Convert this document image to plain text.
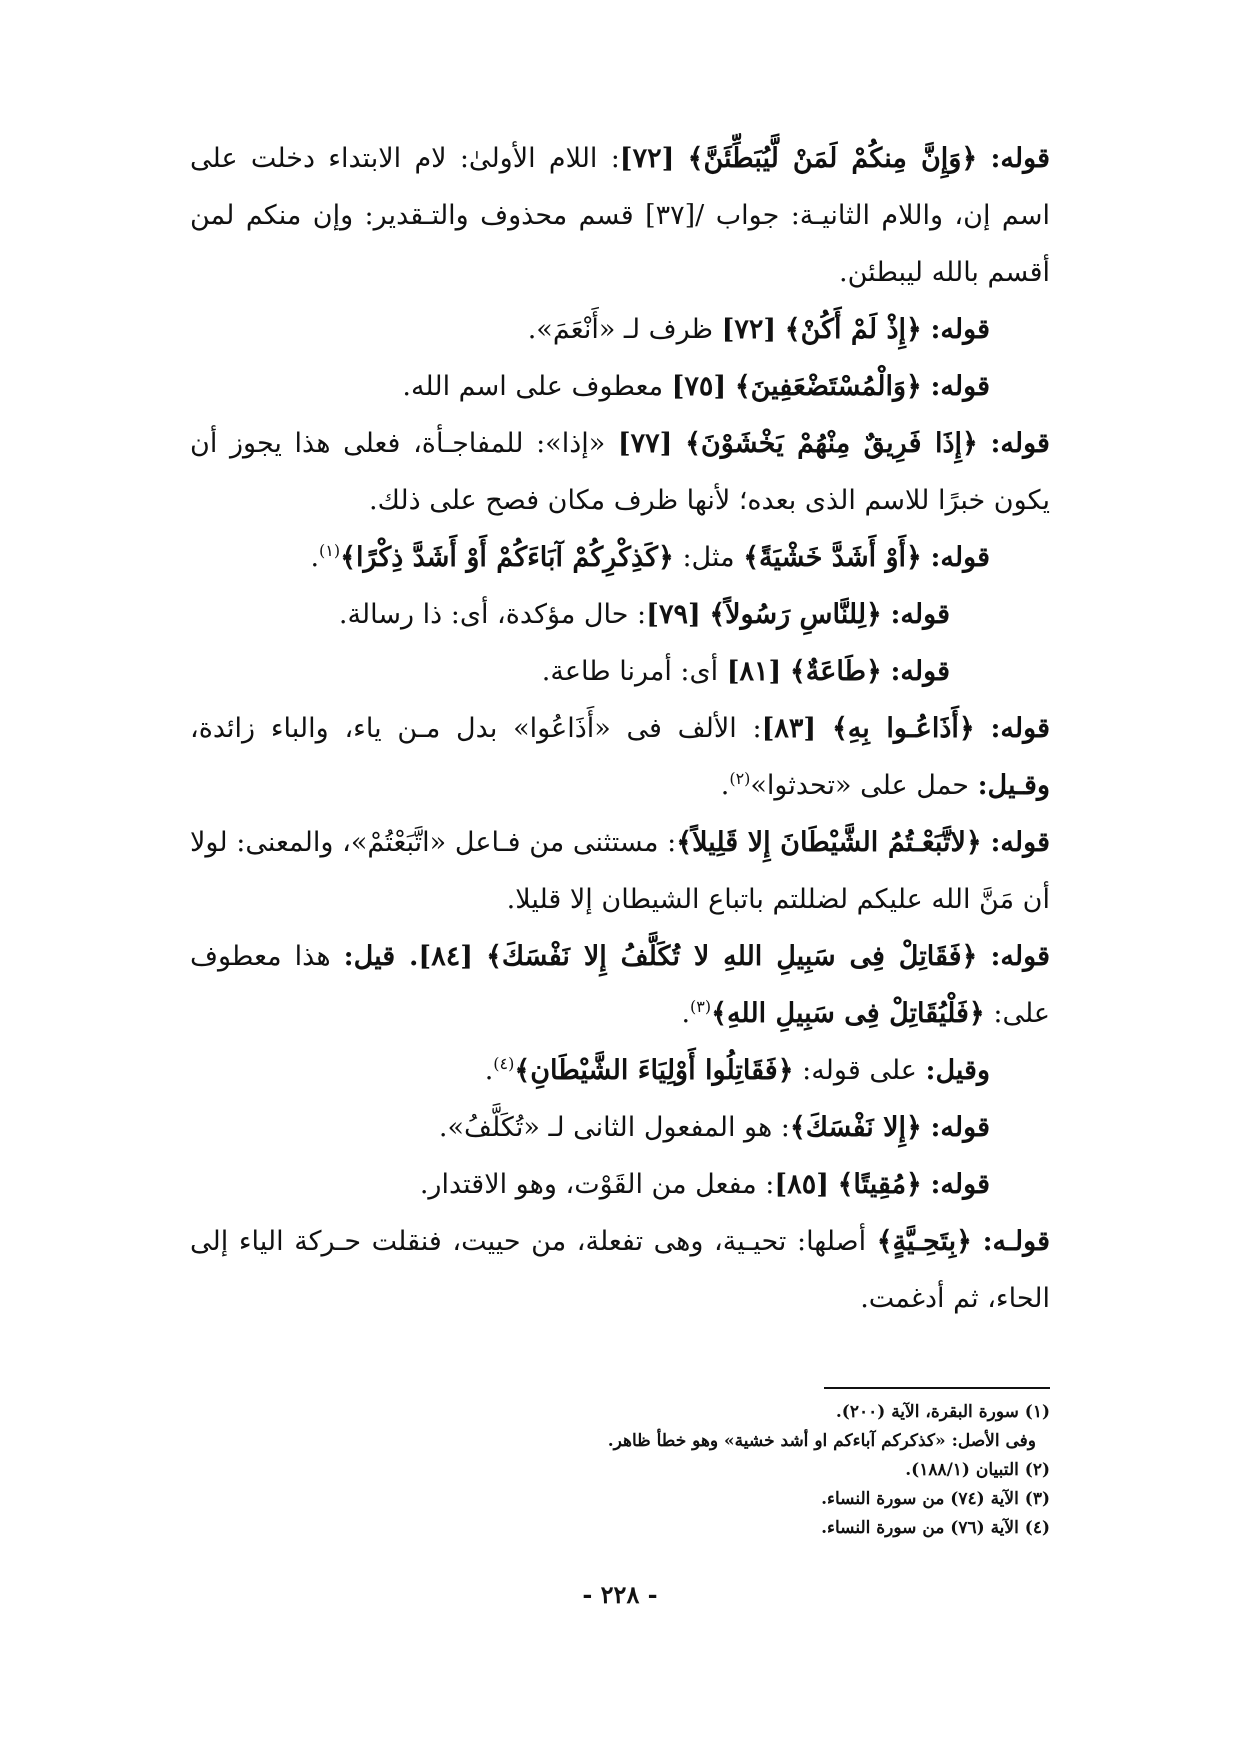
قوله: ﴿وَإِنَّ مِنكُمْ لَمَنْ لَّيُبَطِّئَنَّ﴾ [٧٢]: اللام الأولىٰ: لام الابتداء دخلت على اسم إن، واللام الثانيـة: جواب /[٣٧] قسم محذوف والتـقدير: وإن منكم لمن أقسم بالله ليبطئن.

قوله: ﴿إِذْ لَمْ أَكُنْ﴾ [٧٢] ظرف لـ «أَنْعَمَ».

قوله: ﴿وَالْمُسْتَضْعَفِينَ﴾ [٧٥] معطوف على اسم الله.

قوله: ﴿إِذَا فَرِيقٌ مِنْهُمْ يَخْشَوْنَ﴾ [٧٧] «إذا»: للمفاجـأة، فعلى هذا يجوز أن يكون خبرًا للاسم الذى بعده؛ لأنها ظرف مكان فصح على ذلك.

قوله: ﴿أَوْ أَشَدَّ خَشْيَةً﴾ مثل: ﴿كَذِكْرِكُمْ آبَاءَكُمْ أَوْ أَشَدَّ ذِكْرًا﴾$^{(١)}$.

قوله: ﴿لِلنَّاسِ رَسُولاً﴾ [٧٩]: حال مؤكدة، أى: ذا رسالة.

قوله: ﴿طَاعَةٌ﴾ [٨١] أى: أمرنا طاعة.

قوله: ﴿أَذَاعُـوا بِهِ﴾ [٨٣]: الألف فى «أَذَاعُوا» بدل مـن ياء، والباء زائدة، وقـيل: حمل على «تحدثوا»$^{(٢)}$.

قوله: ﴿لاتَّبَعْـتُمُ الشَّيْطَانَ إِلا قَلِيلاً﴾: مستثنى من فـاعل «اتَّبَعْتُمْ»، والمعنى: لولا أن مَنَّ الله عليكم لضللتم باتباع الشيطان إلا قليلا.

قوله: ﴿فَقَاتِلْ فِى سَبِيلِ اللهِ لا تُكَلَّفُ إِلا نَفْسَكَ﴾ [٨٤]. قيل: هذا معطوف على: ﴿فَلْيُقَاتِلْ فِى سَبِيلِ اللهِ﴾$^{(٣)}$.

وقيل: على قوله: ﴿فَقَاتِلُوا أَوْلِيَاءَ الشَّيْطَانِ﴾$^{(٤)}$.

قوله: ﴿إِلا نَفْسَكَ﴾: هو المفعول الثانى لـ «تُكَلَّفُ».

قوله: ﴿مُقِيتًا﴾ [٨٥]: مفعل من القَوْت، وهو الاقتدار.

قولـه: ﴿بِتَحِـيَّةٍ﴾ أصلها: تحيـية، وهى تفعلة، من حييت، فنقلت حـركة الياء إلى الحاء، ثم أدغمت.

(١) سورة البقرة، الآية (٢٠٠).

وفى الأصل: «كذكركم آباءكم او أشد خشية» وهو خطأ ظاهر.

(٢) التبيان (١٨٨/١).

(٣) الآية (٧٤) من سورة النساء.

(٤) الآية (٧٦) من سورة النساء.

- ٢٢٨ -
